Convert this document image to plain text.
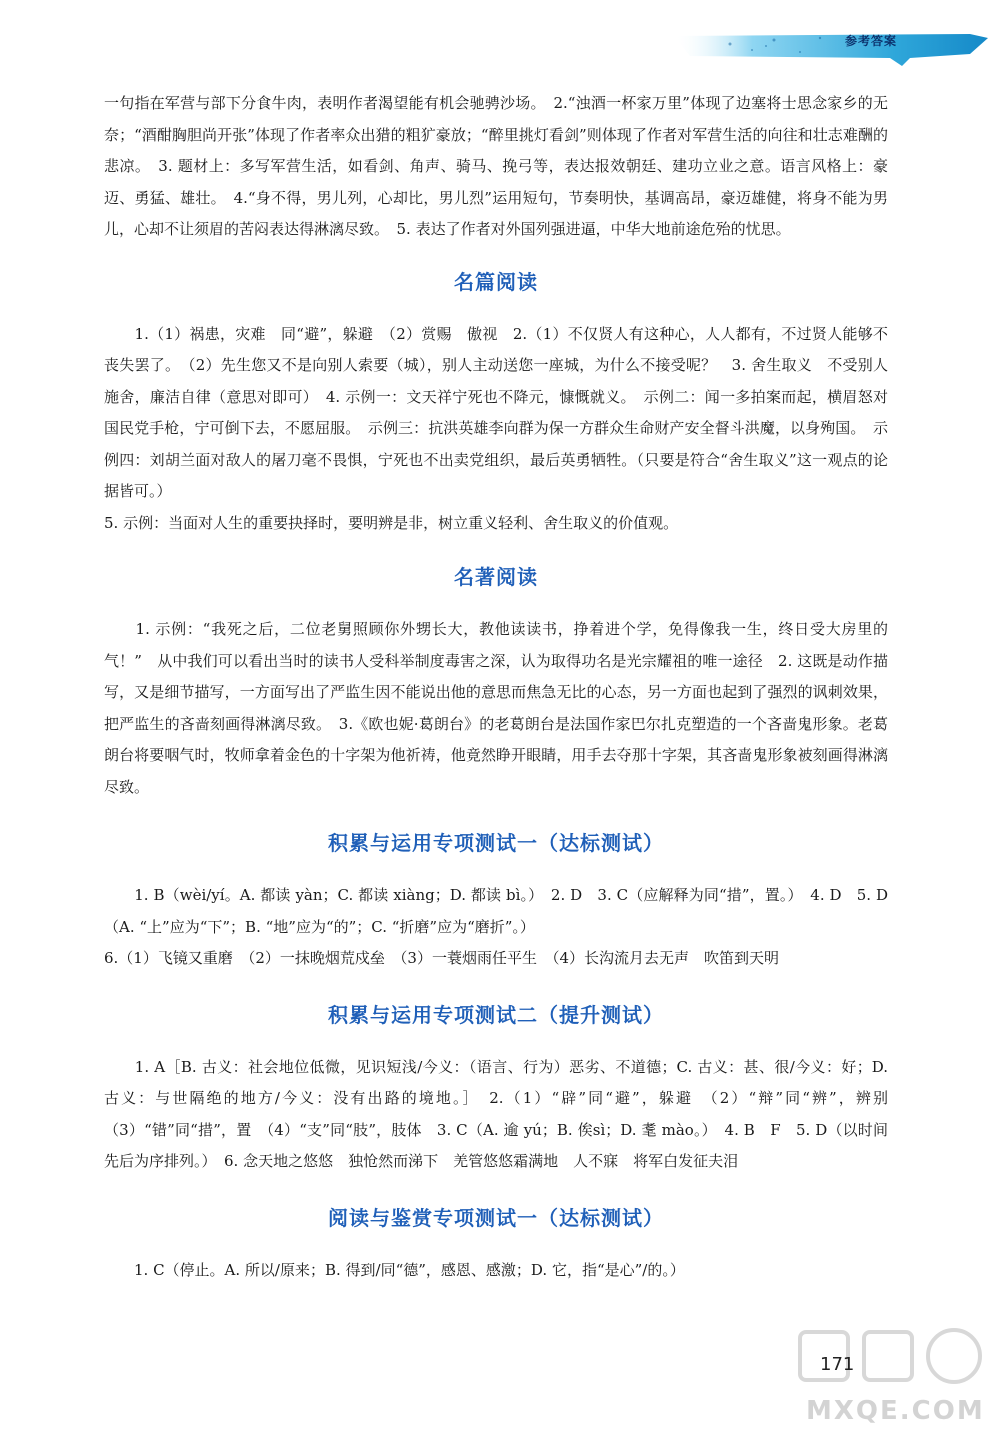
参考答案

一句指在军营与部下分食牛肉，表明作者渴望能有机会驰骋沙场。　2.“浊酒一杯家万里”体现了边塞将士思念家乡的无奈；“酒酣胸胆尚开张”体现了作者率众出猎的粗犷豪放；“醉里挑灯看剑”则体现了作者对军营生活的向往和壮志难酬的悲凉。　3. 题材上：多写军营生活，如看剑、角声、骑马、挽弓等，表达报效朝廷、建功立业之意。语言风格上：豪迈、勇猛、雄壮。　4.“身不得，男儿列，心却比，男儿烈”运用短句，节奏明快，基调高昂，豪迈雄健，将身不能为男儿，心却不让须眉的苦闷表达得淋漓尽致。　5. 表达了作者对外国列强进逼，中华大地前途危殆的忧思。

名篇阅读

　　1.（1）祸患，灾难　同“避”，躲避　（2）赏赐　傲视　2.（1）不仅贤人有这种心，人人都有，不过贤人能够不丧失罢了。　（2）先生您又不是向别人索要（城），别人主动送您一座城，为什么不接受呢？　3. 舍生取义　不受别人施舍，廉洁自律（意思对即可）　4. 示例一：文天祥宁死也不降元，慷慨就义。　示例二：闻一多拍案而起，横眉怒对国民党手枪，宁可倒下去，不愿屈服。　示例三：抗洪英雄李向群为保一方群众生命财产安全督斗洪魔，以身殉国。　示例四：刘胡兰面对敌人的屠刀毫不畏惧，宁死也不出卖党组织，最后英勇牺牲。（只要是符合“舍生取义”这一观点的论据皆可。）
5. 示例：当面对人生的重要抉择时，要明辨是非，树立重义轻利、舍生取义的价值观。

名著阅读

　　1. 示例：“我死之后，二位老舅照顾你外甥长大，教他读读书，挣着进个学，免得像我一生，终日受大房里的气！”　从中我们可以看出当时的读书人受科举制度毒害之深，认为取得功名是光宗耀祖的唯一途径　2. 这既是动作描写，又是细节描写，一方面写出了严监生因不能说出他的意思而焦急无比的心态，另一方面也起到了强烈的讽刺效果，把严监生的吝啬刻画得淋漓尽致。　3.《欧也妮·葛朗台》的老葛朗台是法国作家巴尔扎克塑造的一个吝啬鬼形象。老葛朗台将要咽气时，牧师拿着金色的十字架为他祈祷，他竟然睁开眼睛，用手去夺那十字架，其吝啬鬼形象被刻画得淋漓尽致。

积累与运用专项测试一（达标测试）

　　1. B（wèi/yí。A. 都读 yàn；C. 都读 xiàng；D. 都读 bì。）　2. D　3. C（应解释为同“措”，置。）　4. D　5. D（A. “上”应为“下”；B. “地”应为“的”；C. “折磨”应为“磨折”。）
6.（1）飞镜又重磨　（2）一抹晚烟荒戍垒　（3）一蓑烟雨任平生　（4）长沟流月去无声　吹笛到天明

积累与运用专项测试二（提升测试）

　　1. A［B. 古义：社会地位低微，见识短浅/今义：（语言、行为）恶劣、不道德；C. 古义：甚、很/今义：好；D. 古义：与世隔绝的地方/今义：没有出路的境地。］　2.（1）“辟”同“避”，躲避　（2）“辩”同“辨”，辨别　（3）“错”同“措”，置　（4）“支”同“肢”，肢体　3. C（A. 逾 yú；B. 俟sì；D. 耄 mào。）　4. B　F　5. D（以时间先后为序排列。）　6. 念天地之悠悠　独怆然而涕下　羌管悠悠霜满地　人不寐　将军白发征夫泪

阅读与鉴赏专项测试一（达标测试）

　　1. C（停止。A. 所以/原来；B. 得到/同“德”，感恩、感激；D. 它，指“是心”/的。）

171
MXQE.COM
